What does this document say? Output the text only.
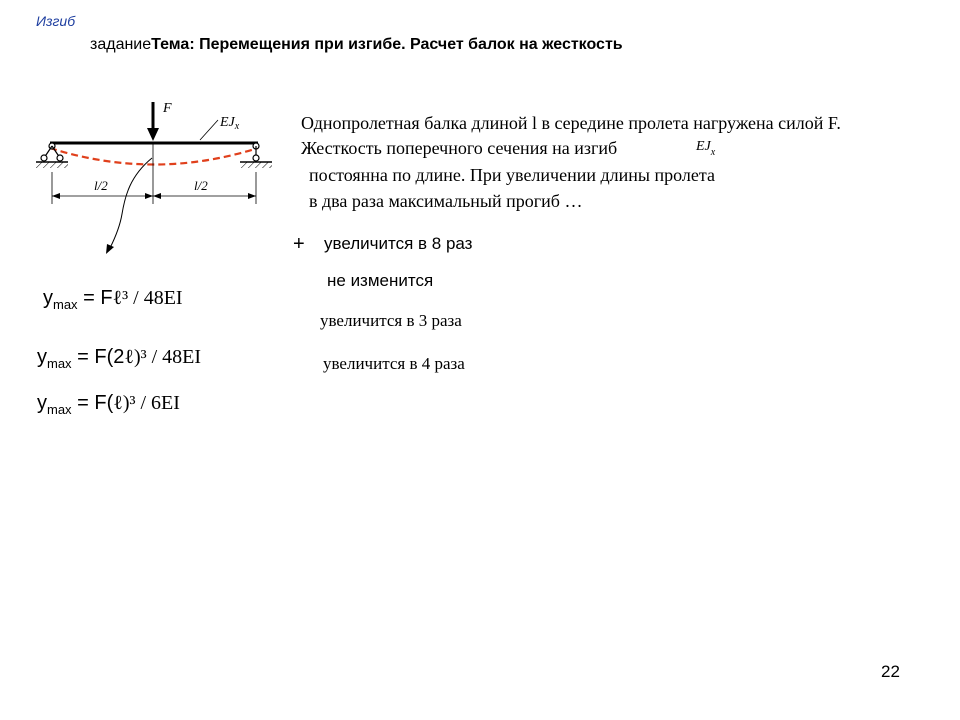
Изгиб
заданиеТема: Перемещения при изгибе. Расчет балок на жесткость
F
$EJ_x$
l/2	l/2
Однопролетная балка длиной l в середине пролета нагружена силой F.
Жесткость поперечного сечения на изгиб	$EJ_x$
постоянна по длине. При увеличении длины пролета
в два раза максимальный прогиб …
+ увеличится в 8 раз
не изменится
увеличится в 3 раза
увеличится в 4 раза
$y_{max}$ = Fℓ³ / 48EI
$y_{max}$ = F(2ℓ)³ / 48EI
$y_{max}$ = F(ℓ)³ / 6EI
22
